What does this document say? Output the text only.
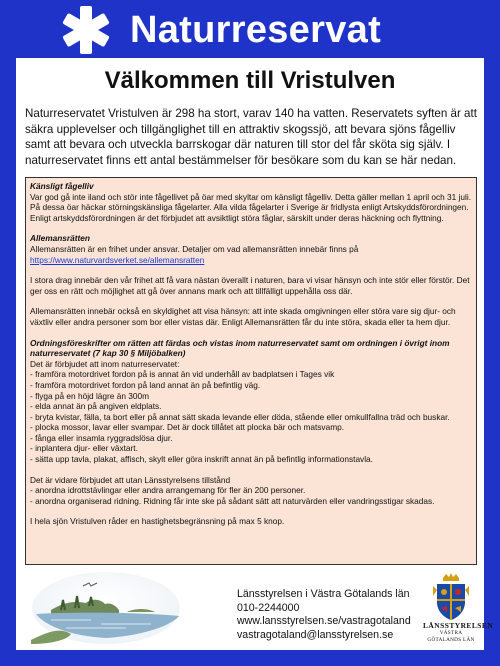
Naturreservat
Välkommen till Vristulven
Naturreservatet Vristulven är 298 ha stort, varav 140 ha vatten. Reservatets syften är att säkra upplevelser och tillgänglighet till en attraktiv skogssjö, att bevara sjöns fågelliv samt att bevara och utveckla barrskogar där naturen till stor del får sköta sig själv. I naturreservatet finns ett antal bestämmelser för besökare som du kan se här nedan.

Känsligt fågelliv

Var god gå inte iland och stör inte fågellivet på öar med skyltar om känsligt fågelliv. Detta gäller mellan 1 april och 31 juli. På dessa öar häckar störningskänsliga fågelarter. Alla vilda fågelarter i Sverige är fridlysta enligt Artskyddsförordningen. Enligt artskyddsförordningen är det förbjudet att avsiktligt störa fåglar, särskilt under deras häckning och flyttning.

Allemansrätten

Allemansrätten är en frihet under ansvar. Detaljer om vad allemansrätten innebär finns på

https://www.naturvardsverket.se/allemansratten

I stora drag innebär den vår frihet att få vara nästan överallt i naturen, bara vi visar hänsyn och inte stör eller förstör. Det ger oss en rätt och möjlighet att gå över annans mark och att tillfälligt uppehålla oss där.

Allemansrätten innebär också en skyldighet att visa hänsyn: att inte skada omgivningen eller störa vare sig djur- och växtliv eller andra personer som bor eller vistas där. Enligt Allemansrätten får du inte störa, skada eller ta hem djur.

Ordningsföreskrifter om rätten att färdas och vistas inom naturreservatet samt om ordningen i övrigt inom naturreservatet (7 kap 30 § Miljöbalken)

Det är förbjudet att inom naturreservatet:

- framföra motordrivet fordon på is annat än vid underhåll av badplatsen i Tages vik

- framföra motordrivet fordon på land annat än på befintlig väg.

- flyga på en höjd lägre än 300m

- elda annat än på angiven eldplats.

- bryta kvistar, fälla, ta bort eller på annat sätt skada levande eller döda, stående eller omkullfallna träd och buskar.

- plocka mossor, lavar eller svampar. Det är dock tillåtet att plocka bär och matsvamp.

- fånga eller insamla ryggradslösa djur.

- inplantera djur- eller växtart.

- sätta upp tavla, plakat, affisch, skylt eller göra inskrift annat än på befintlig informationstavla.

Det är vidare förbjudet att utan Länsstyrelsens tillstånd

- anordna idrottstävlingar eller andra arrangemang för fler än 200 personer.

- anordna organiserad ridning. Ridning får inte ske på sådant sätt att naturvärden eller vandringsstigar skadas.

I hela sjön Vristulven råder en hastighetsbegränsning på max 5 knop.

Länsstyrelsen i Västra Götalands län
010-2244000
www.lansstyrelsen.se/vastragotaland
vastragotaland@lansstyrelsen.se
LÄNSSTYRELSEN
VÄSTRA GÖTALANDS LÄN
